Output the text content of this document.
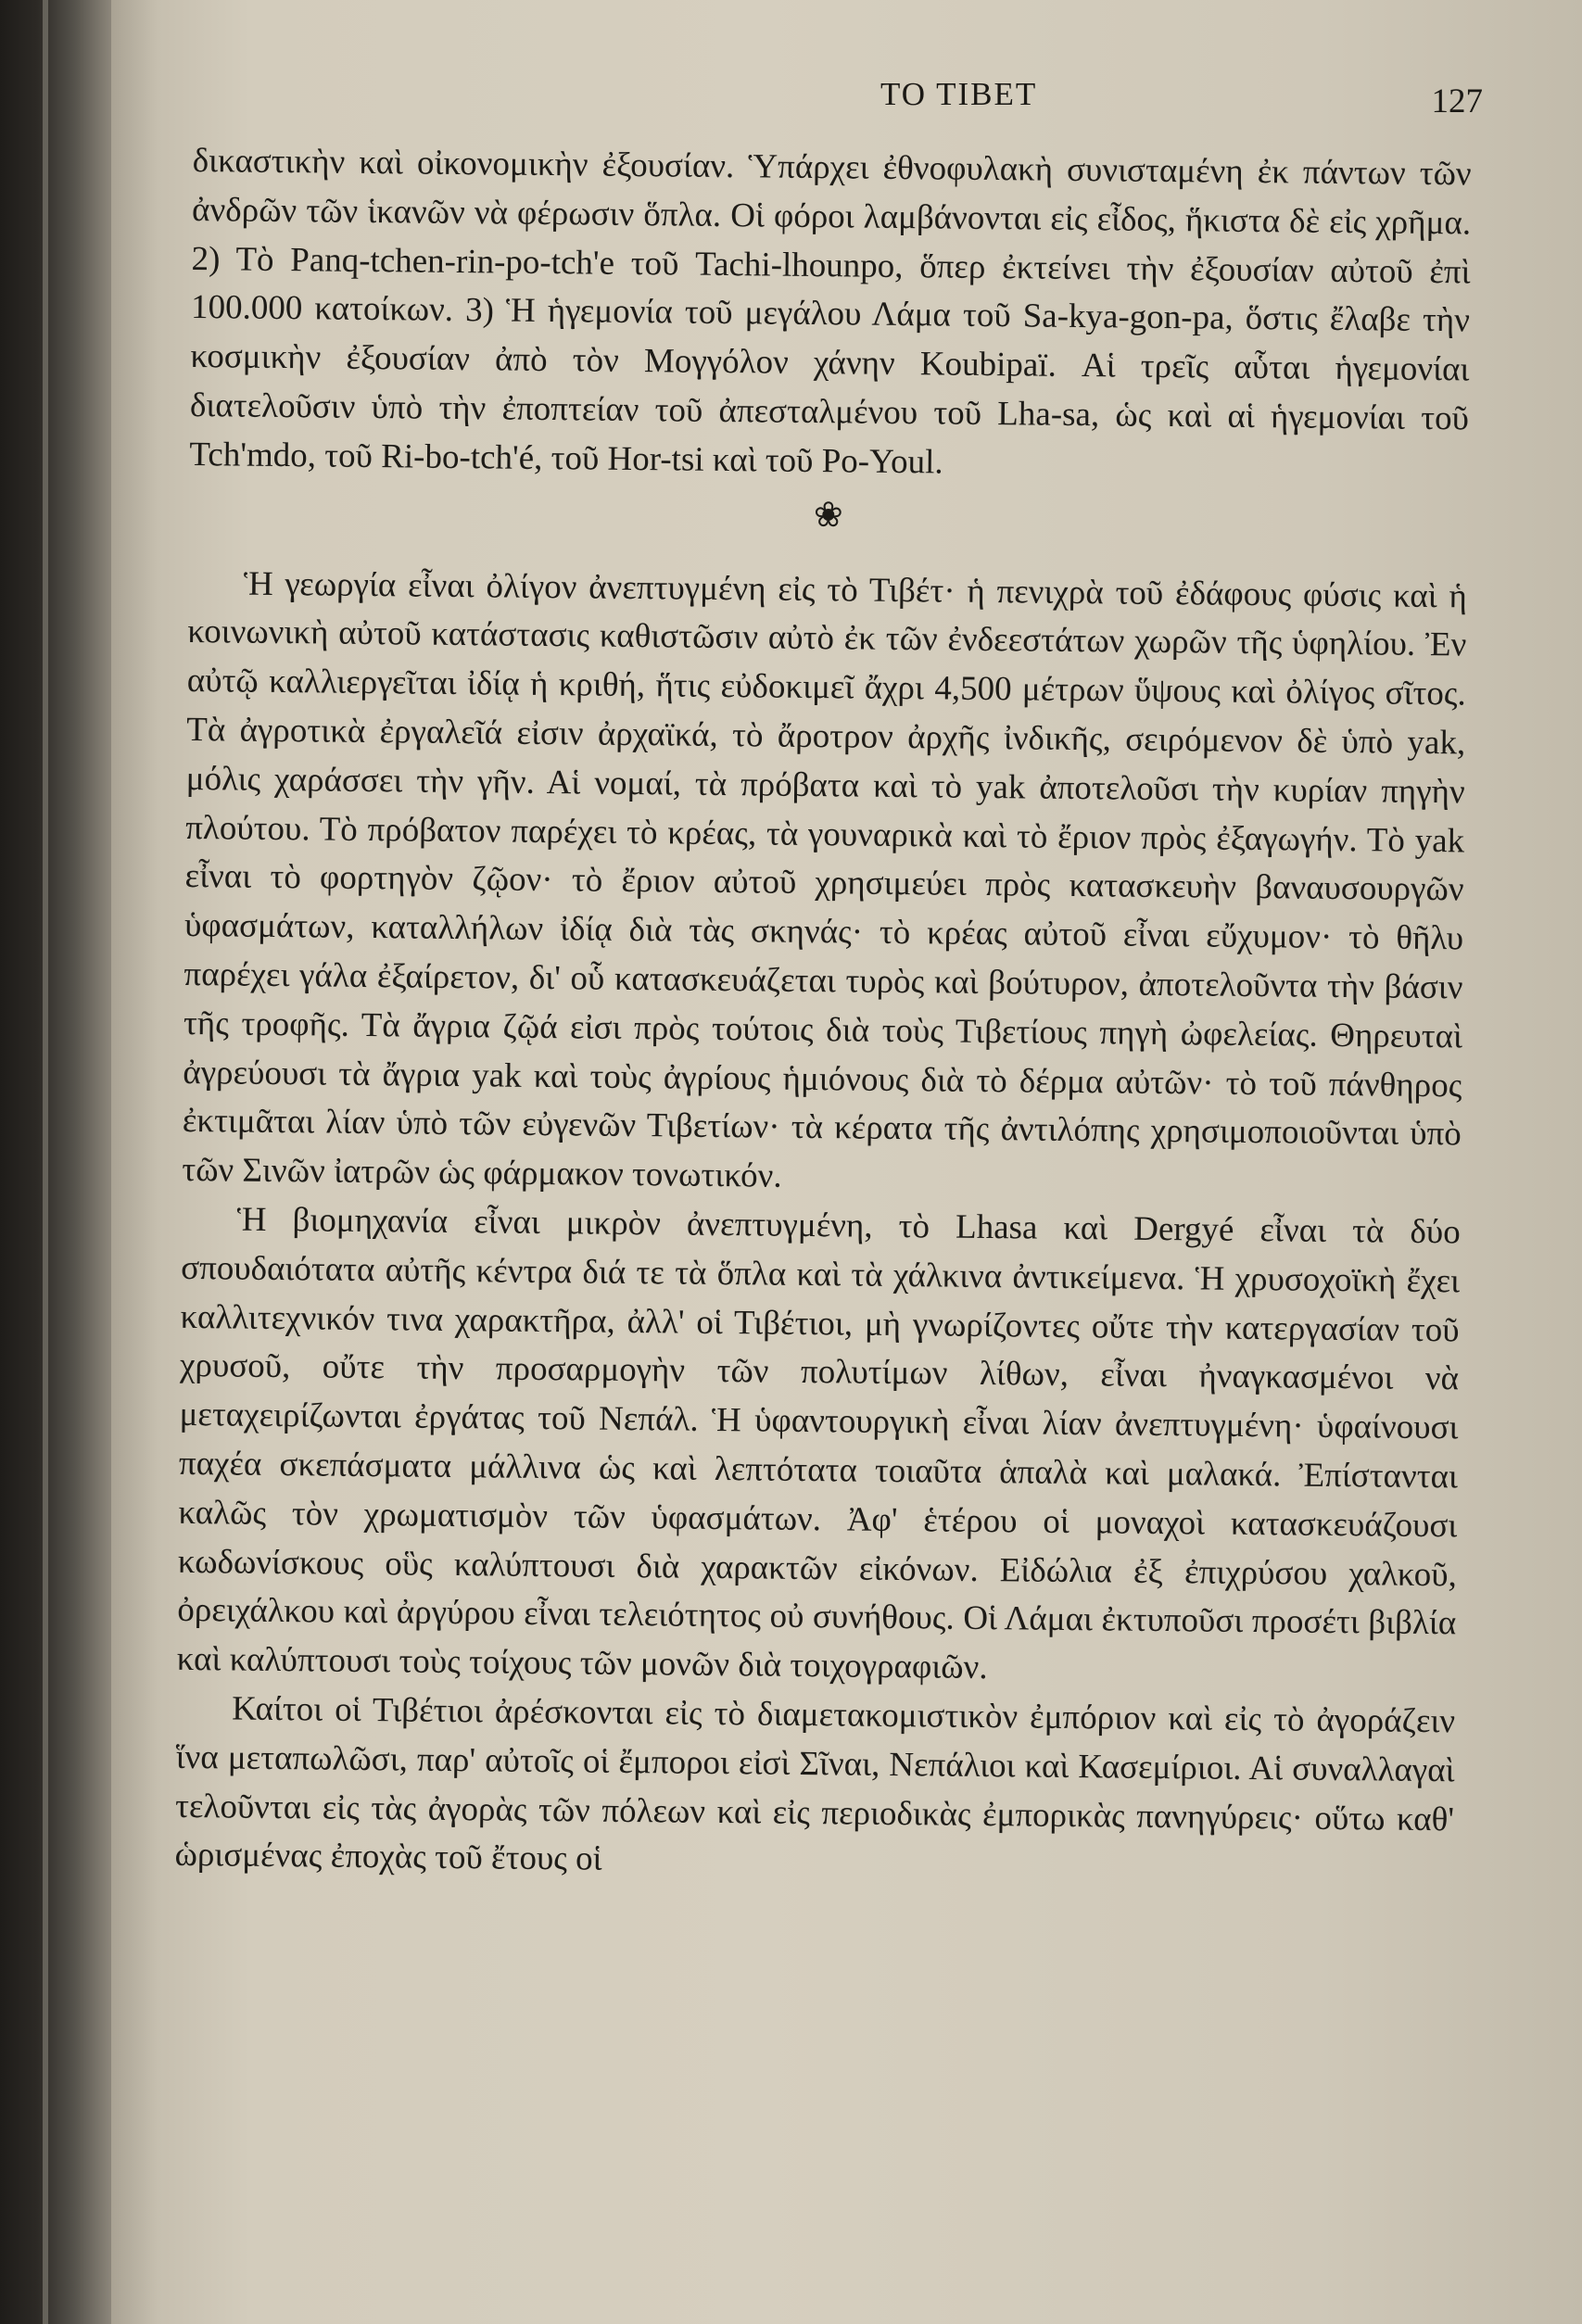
ΤΟ ΤΙΒΕΤ	127

δικαστικὴν καὶ οἰκονομικὴν ἐξουσίαν. Ὑπάρχει ἐθνοφυλακὴ συνισταμένη ἐκ πάντων τῶν ἀνδρῶν τῶν ἱκανῶν νὰ φέρωσιν ὅπλα. Οἱ φόροι λαμβάνονται εἰς εἶδος, ἥκιστα δὲ εἰς χρῆμα. 2) Τὸ Panq-tchen-rin-po-tch'e τοῦ Tachi-lhounpo, ὅπερ ἐκτείνει τὴν ἐξουσίαν αὐτοῦ ἐπὶ 100.000 κατοίκων. 3) Ἡ ἡγεμονία τοῦ μεγάλου Λάμα τοῦ Sa-kya-gon-pa, ὅστις ἔλαβε τὴν κοσμικὴν ἐξουσίαν ἀπὸ τὸν Μογγόλον χάνην Koubipaï. Αἱ τρεῖς αὗται ἡγεμονίαι διατελοῦσιν ὑπὸ τὴν ἐποπτείαν τοῦ ἀπεσταλμένου τοῦ Lha-sa, ὡς καὶ αἱ ἡγεμονίαι τοῦ Tch'mdo, τοῦ Ri-bo-tch'é, τοῦ Hor-tsi καὶ τοῦ Po-Youl.

❀

Ἡ γεωργία εἶναι ὀλίγον ἀνεπτυγμένη εἰς τὸ Τιβέτ· ἡ πενιχρὰ τοῦ ἐδάφους φύσις καὶ ἡ κοινωνικὴ αὐτοῦ κατάστασις καθιστῶσιν αὐτὸ ἐκ τῶν ἐνδεεστάτων χωρῶν τῆς ὑφηλίου. Ἐν αὐτῷ καλλιεργεῖται ἰδίᾳ ἡ κριθή, ἥτις εὐδοκιμεῖ ἄχρι 4,500 μέτρων ὕψους καὶ ὀλίγος σῖτος. Τὰ ἀγροτικὰ ἐργαλεῖά εἰσιν ἀρχαϊκά, τὸ ἄροτρον ἀρχῆς ἰνδικῆς, σειρόμενον δὲ ὑπὸ yak, μόλις χαράσσει τὴν γῆν. Αἱ νομαί, τὰ πρόβατα καὶ τὸ yak ἀποτελοῦσι τὴν κυρίαν πηγὴν πλούτου. Τὸ πρόβατον παρέχει τὸ κρέας, τὰ γουναρικὰ καὶ τὸ ἔριον πρὸς ἐξαγωγήν. Τὸ yak εἶναι τὸ φορτηγὸν ζῷον· τὸ ἔριον αὐτοῦ χρησιμεύει πρὸς κατασκευὴν βαναυσουργῶν ὑφασμάτων, καταλλήλων ἰδίᾳ διὰ τὰς σκηνάς· τὸ κρέας αὐτοῦ εἶναι εὔχυμον· τὸ θῆλυ παρέχει γάλα ἐξαίρετον, δι' οὗ κατασκευάζεται τυρὸς καὶ βούτυρον, ἀποτελοῦντα τὴν βάσιν τῆς τροφῆς. Τὰ ἄγρια ζῷά εἰσι πρὸς τούτοις διὰ τοὺς Τιβετίους πηγὴ ὠφελείας. Θηρευταὶ ἀγρεύουσι τὰ ἄγρια yak καὶ τοὺς ἀγρίους ἡμιόνους διὰ τὸ δέρμα αὐτῶν· τὸ τοῦ πάνθηρος ἐκτιμᾶται λίαν ὑπὸ τῶν εὐγενῶν Τιβετίων· τὰ κέρατα τῆς ἀντιλόπης χρησιμοποιοῦνται ὑπὸ τῶν Σινῶν ἰατρῶν ὡς φάρμακον τονωτικόν.

Ἡ βιομηχανία εἶναι μικρὸν ἀνεπτυγμένη, τὸ Lhasa καὶ Dergyé εἶναι τὰ δύο σπουδαιότατα αὐτῆς κέντρα διά τε τὰ ὅπλα καὶ τὰ χάλκινα ἀντικείμενα. Ἡ χρυσοχοϊκὴ ἔχει καλλιτεχνικόν τινα χαρακτῆρα, ἀλλ' οἱ Τιβέτιοι, μὴ γνωρίζοντες οὔτε τὴν κατεργασίαν τοῦ χρυσοῦ, οὔτε τὴν προσαρμογὴν τῶν πολυτίμων λίθων, εἶναι ἠναγκασμένοι νὰ μεταχειρίζωνται ἐργάτας τοῦ Νεπάλ. Ἡ ὑφαντουργικὴ εἶναι λίαν ἀνεπτυγμένη· ὑφαίνουσι παχέα σκεπάσματα μάλλινα ὡς καὶ λεπτότατα τοιαῦτα ἁπαλὰ καὶ μαλακά. Ἐπίστανται καλῶς τὸν χρωματισμὸν τῶν ὑφασμάτων. Ἀφ' ἑτέρου οἱ μοναχοὶ κατασκευάζουσι κωδωνίσκους οὓς καλύπτουσι διὰ χαρακτῶν εἰκόνων. Εἰδώλια ἐξ ἐπιχρύσου χαλκοῦ, ὀρειχάλκου καὶ ἀργύρου εἶναι τελειότητος οὐ συνήθους. Οἱ Λάμαι ἐκτυποῦσι προσέτι βιβλία καὶ καλύπτουσι τοὺς τοίχους τῶν μονῶν διὰ τοιχογραφιῶν.

Καίτοι οἱ Τιβέτιοι ἀρέσκονται εἰς τὸ διαμετακομιστικὸν ἐμπόριον καὶ εἰς τὸ ἀγοράζειν ἵνα μεταπωλῶσι, παρ' αὐτοῖς οἱ ἔμποροι εἰσὶ Σῖναι, Νεπάλιοι καὶ Κασεμίριοι. Αἱ συναλλαγαὶ τελοῦνται εἰς τὰς ἀγορὰς τῶν πόλεων καὶ εἰς περιοδικὰς ἐμπορικὰς πανηγύρεις· οὕτω καθ' ὡρισμένας ἐποχὰς τοῦ ἔτους οἱ
